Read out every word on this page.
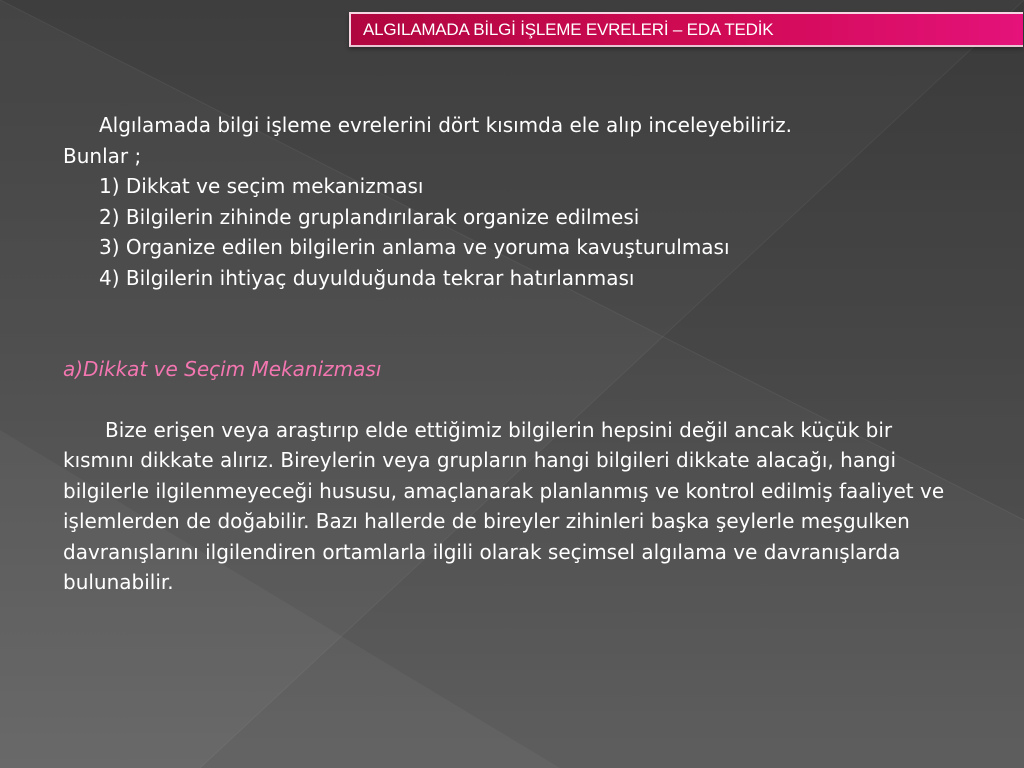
ALGILAMADA BİLGİ İŞLEME EVRELERİ – EDA TEDİK

Algılamada bilgi işleme evrelerini dört kısımda ele alıp inceleyebiliriz.

Bunlar ;

1) Dikkat ve seçim mekanizması

2) Bilgilerin zihinde gruplandırılarak organize edilmesi

3) Organize edilen bilgilerin anlama ve yoruma kavuşturulması

4) Bilgilerin ihtiyaç duyulduğunda tekrar hatırlanması

a)Dikkat ve Seçim Mekanizması

Bize erişen veya araştırıp elde ettiğimiz bilgilerin hepsini değil ancak küçük bir kısmını dikkate alırız. Bireylerin veya grupların hangi bilgileri dikkate alacağı, hangi bilgilerle ilgilenmeyeceği hususu, amaçlanarak planlanmış ve kontrol edilmiş faaliyet ve işlemlerden de doğabilir. Bazı hallerde de bireyler zihinleri başka şeylerle meşgulken davranışlarını ilgilendiren ortamlarla ilgili olarak seçimsel algılama ve davranışlarda bulunabilir.
